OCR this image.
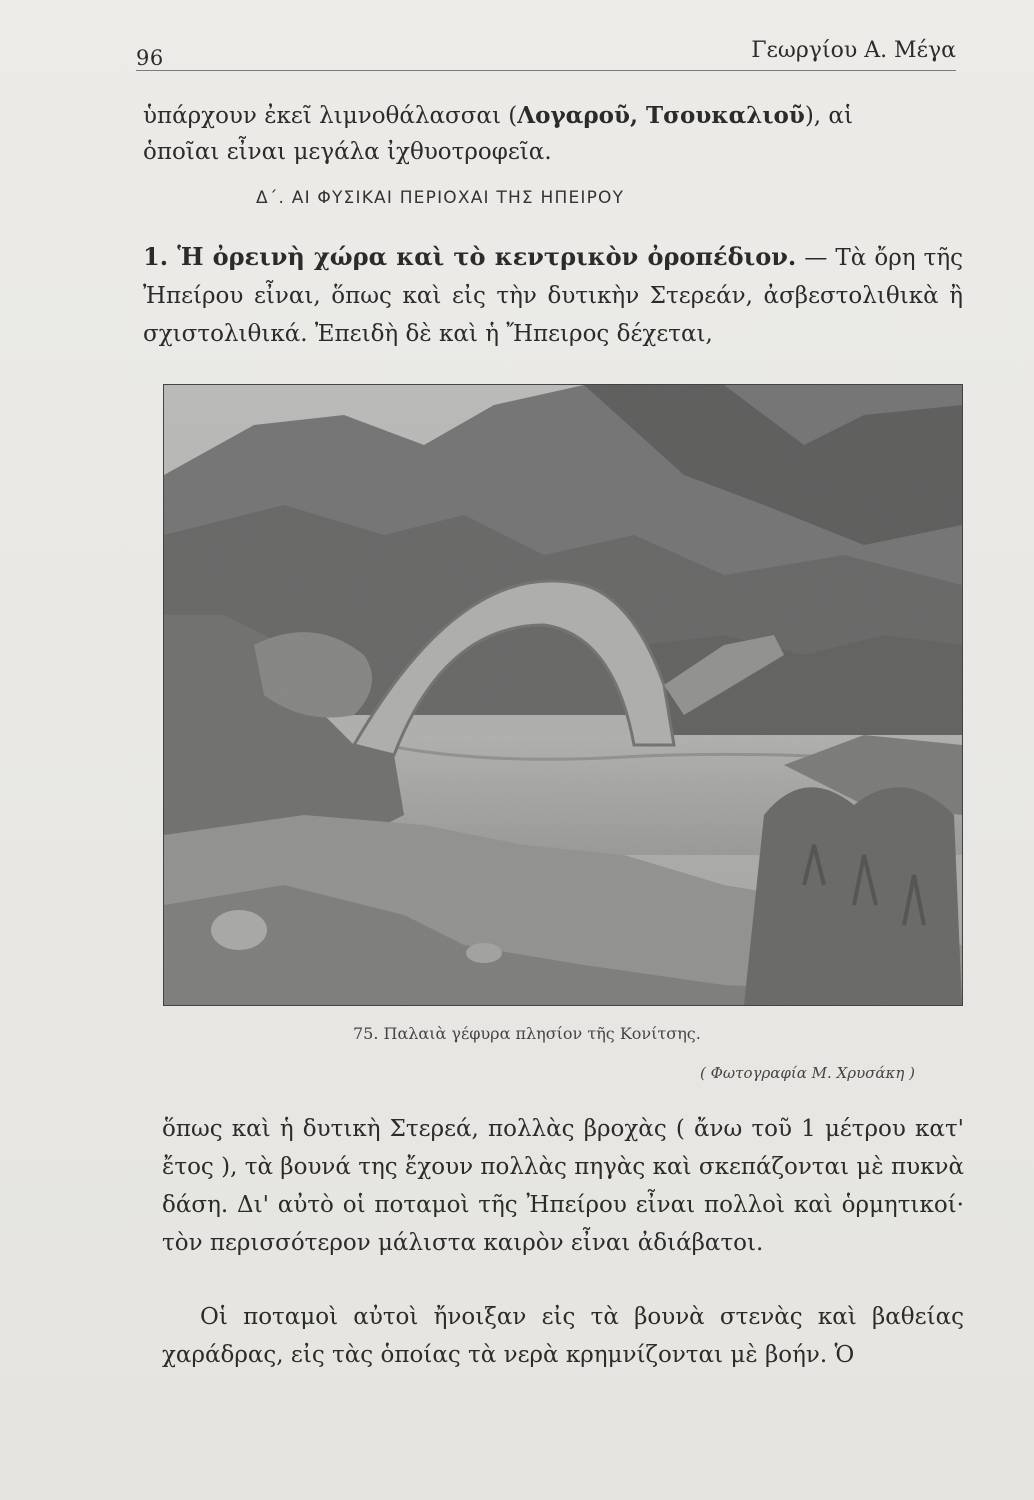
96	Γεωργίου Α. Μέγα

ὑπάρχουν ἐκεῖ λιμνοθάλασσαι (Λογαροῦ, Τσουκαλιοῦ), αἱ
ὁποῖαι εἶναι μεγάλα ἰχθυοτροφεῖα.

Δ΄. ΑΙ ΦΥΣΙΚΑΙ ΠΕΡΙΟΧΑΙ ΤΗΣ ΗΠΕΙΡΟΥ

1. Ἡ ὀρεινὴ χώρα καὶ τὸ κεντρικὸν ὀροπέδιον. — Τὰ ὄρη τῆς Ἠπείρου εἶναι, ὅπως καὶ εἰς τὴν δυτικὴν Στερεάν, ἀσβεστολιθικὰ ἢ σχιστολιθικά. Ἐπειδὴ δὲ καὶ ἡ Ἤπειρος δέχεται,

75. Παλαιὰ γέφυρα πλησίον τῆς Κονίτσης.
( Φωτογραφία Μ. Χρυσάκη )

ὅπως καὶ ἡ δυτικὴ Στερεά, πολλὰς βροχὰς ( ἄνω τοῦ 1 μέτρου κατ' ἔτος ), τὰ βουνά της ἔχουν πολλὰς πηγὰς καὶ σκεπάζονται μὲ πυκνὰ δάση. Δι' αὐτὸ οἱ ποταμοὶ τῆς Ἠπείρου εἶναι πολλοὶ καὶ ὁρμητικοί· τὸν περισσότερον μάλιστα καιρὸν εἶναι ἀδιάβατοι.

Οἱ ποταμοὶ αὐτοὶ ἤνοιξαν εἰς τὰ βουνὰ στενὰς καὶ βαθείας χαράδρας, εἰς τὰς ὁποίας τὰ νερὰ κρημνίζονται μὲ βοήν. Ὁ
